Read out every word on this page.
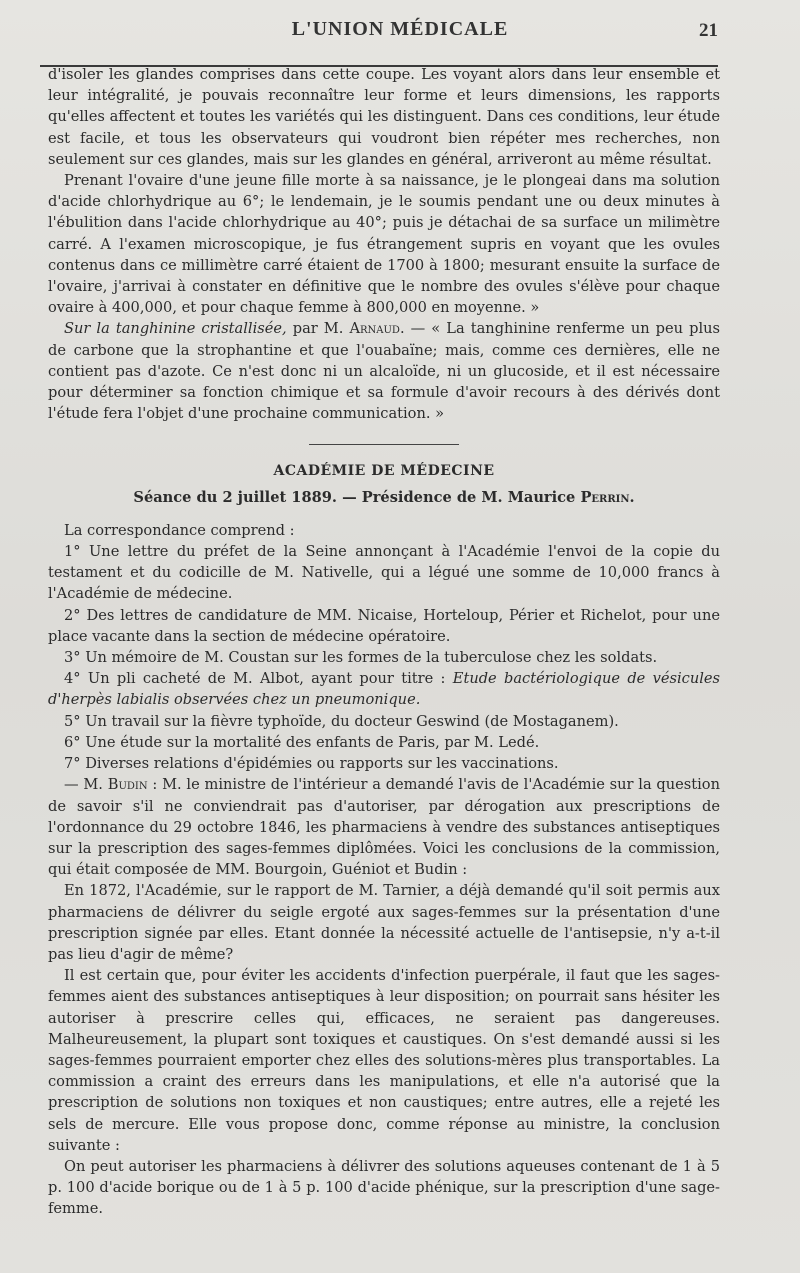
L'UNION MÉDICALE	21

d'isoler les glandes comprises dans cette coupe. Les voyant alors dans leur ensemble et leur intégralité, je pouvais reconnaître leur forme et leurs dimensions, les rapports qu'elles affectent et toutes les variétés qui les distinguent. Dans ces conditions, leur étude est facile, et tous les observateurs qui voudront bien répéter mes recherches, non seulement sur ces glandes, mais sur les glandes en général, arriveront au même résultat.

Prenant l'ovaire d'une jeune fille morte à sa naissance, je le plongeai dans ma solution d'acide chlorhydrique au 6°; le lendemain, je le soumis pendant une ou deux minutes à l'ébulition dans l'acide chlorhydrique au 40°; puis je détachai de sa surface un milimètre carré. A l'examen microscopique, je fus étrangement supris en voyant que les ovules contenus dans ce millimètre carré étaient de 1700 à 1800; mesurant ensuite la surface de l'ovaire, j'arrivai à constater en définitive que le nombre des ovules s'élève pour chaque ovaire à 400,000, et pour chaque femme à 800,000 en moyenne. »

Sur la tanghinine cristallisée, par M. Arnaud. — « La tanghinine renferme un peu plus de carbone que la strophantine et que l'ouabaïne; mais, comme ces dernières, elle ne contient pas d'azote. Ce n'est donc ni un alcaloïde, ni un glucoside, et il est nécessaire pour déterminer sa fonction chimique et sa formule d'avoir recours à des dérivés dont l'étude fera l'objet d'une prochaine communication. »

ACADÉMIE DE MÉDECINE
Séance du 2 juillet 1889. — Présidence de M. Maurice Perrin.

La correspondance comprend :

1° Une lettre du préfet de la Seine annonçant à l'Académie l'envoi de la copie du testament et du codicille de M. Nativelle, qui a légué une somme de 10,000 francs à l'Académie de médecine.

2° Des lettres de candidature de MM. Nicaise, Horteloup, Périer et Richelot, pour une place vacante dans la section de médecine opératoire.

3° Un mémoire de M. Coustan sur les formes de la tuberculose chez les soldats.

4° Un pli cacheté de M. Albot, ayant pour titre : Etude bactériologique de vésicules d'herpès labialis observées chez un pneumonique.

5° Un travail sur la fièvre typhoïde, du docteur Geswind (de Mostaganem).

6° Une étude sur la mortalité des enfants de Paris, par M. Ledé.

7° Diverses relations d'épidémies ou rapports sur les vaccinations.

— M. Budin : M. le ministre de l'intérieur a demandé l'avis de l'Académie sur la question de savoir s'il ne conviendrait pas d'autoriser, par dérogation aux prescriptions de l'ordonnance du 29 octobre 1846, les pharmaciens à vendre des substances antiseptiques sur la prescription des sages-femmes diplômées. Voici les conclusions de la commission, qui était composée de MM. Bourgoin, Guéniot et Budin :

En 1872, l'Académie, sur le rapport de M. Tarnier, a déjà demandé qu'il soit permis aux pharmaciens de délivrer du seigle ergoté aux sages-femmes sur la présentation d'une prescription signée par elles. Etant donnée la nécessité actuelle de l'antisepsie, n'y a-t-il pas lieu d'agir de même?

Il est certain que, pour éviter les accidents d'infection puerpérale, il faut que les sages-femmes aient des substances antiseptiques à leur disposition; on pourrait sans hésiter les autoriser à prescrire celles qui, efficaces, ne seraient pas dangereuses. Malheureusement, la plupart sont toxiques et caustiques. On s'est demandé aussi si les sages-femmes pourraient emporter chez elles des solutions-mères plus transportables. La commission a craint des erreurs dans les manipulations, et elle n'a autorisé que la prescription de solutions non toxiques et non caustiques; entre autres, elle a rejeté les sels de mercure. Elle vous propose donc, comme réponse au ministre, la conclusion suivante :

On peut autoriser les pharmaciens à délivrer des solutions aqueuses contenant de 1 à 5 p. 100 d'acide borique ou de 1 à 5 p. 100 d'acide phénique, sur la prescription d'une sage-femme.
